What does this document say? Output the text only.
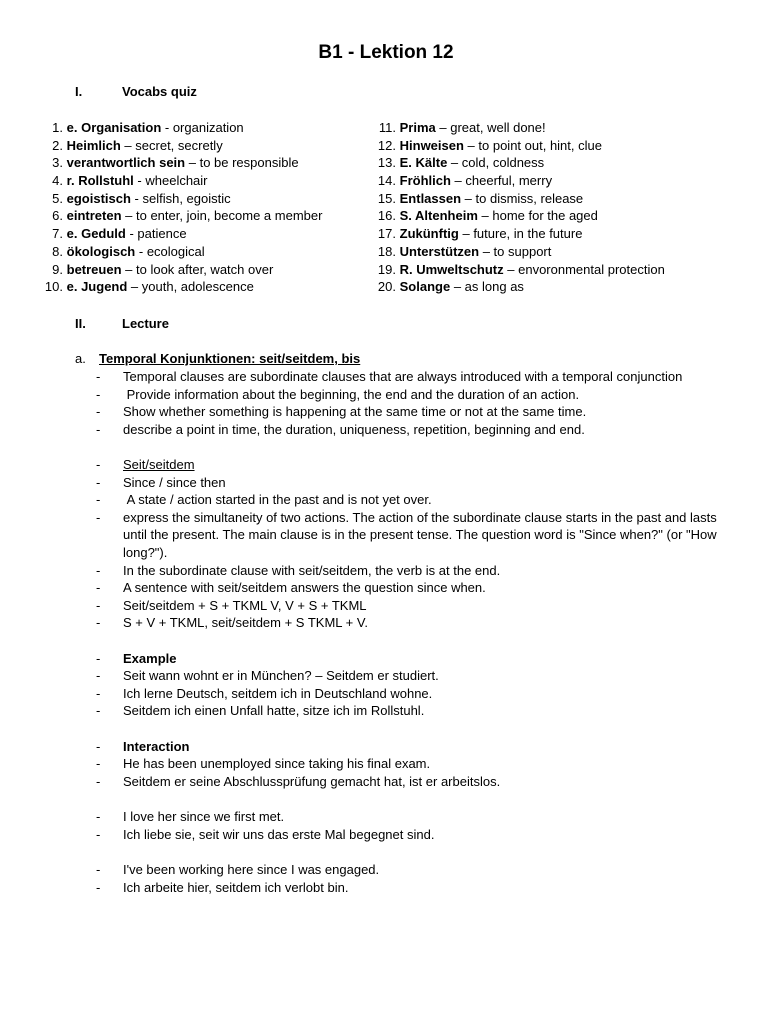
B1 - Lektion 12
I.	Vocabs quiz
1. e. Organisation - organization
2. Heimlich – secret, secretly
3. verantwortlich sein – to be responsible
4. r. Rollstuhl - wheelchair
5. egoistisch - selfish, egoistic
6. eintreten – to enter, join, become a member
7. e. Geduld - patience
8. ökologisch - ecological
9. betreuen – to look after, watch over
10. e. Jugend – youth, adolescence
11. Prima – great, well done!
12. Hinweisen – to point out, hint, clue
13. E. Kälte – cold, coldness
14. Fröhlich – cheerful, merry
15. Entlassen – to dismiss, release
16. S. Altenheim – home for the aged
17. Zukünftig – future, in the future
18. Unterstützen – to support
19. R. Umweltschutz – envoronmental protection
20. Solange – as long as
II.	Lecture
a. Temporal Konjunktionen: seit/seitdem, bis
- Temporal clauses are subordinate clauses that are always introduced with a temporal conjunction
- Provide information about the beginning, the end and the duration of an action.
- Show whether something is happening at the same time or not at the same time.
- describe a point in time, the duration, uniqueness, repetition, beginning and end.
- Seit/seitdem
- Since / since then
- A state / action started in the past and is not yet over.
- express the simultaneity of two actions. The action of the subordinate clause starts in the past and lasts until the present. The main clause is in the present tense. The question word is "Since when?" (or "How long?").
- In the subordinate clause with seit/seitdem, the verb is at the end.
- A sentence with seit/seitdem answers the question since when.
- Seit/seitdem + S + TKML V, V + S + TKML
- S + V + TKML, seit/seitdem + S TKML + V.
- Example
- Seit wann wohnt er in München? – Seitdem er studiert.
- Ich lerne Deutsch, seitdem ich in Deutschland wohne.
- Seitdem ich einen Unfall hatte, sitze ich im Rollstuhl.
- Interaction
- He has been unemployed since taking his final exam.
- Seitdem er seine Abschlussprüfung gemacht hat, ist er arbeitslos.
- I love her since we first met.
- Ich liebe sie, seit wir uns das erste Mal begegnet sind.
- I've been working here since I was engaged.
- Ich arbeite hier, seitdem ich verlobt bin.
